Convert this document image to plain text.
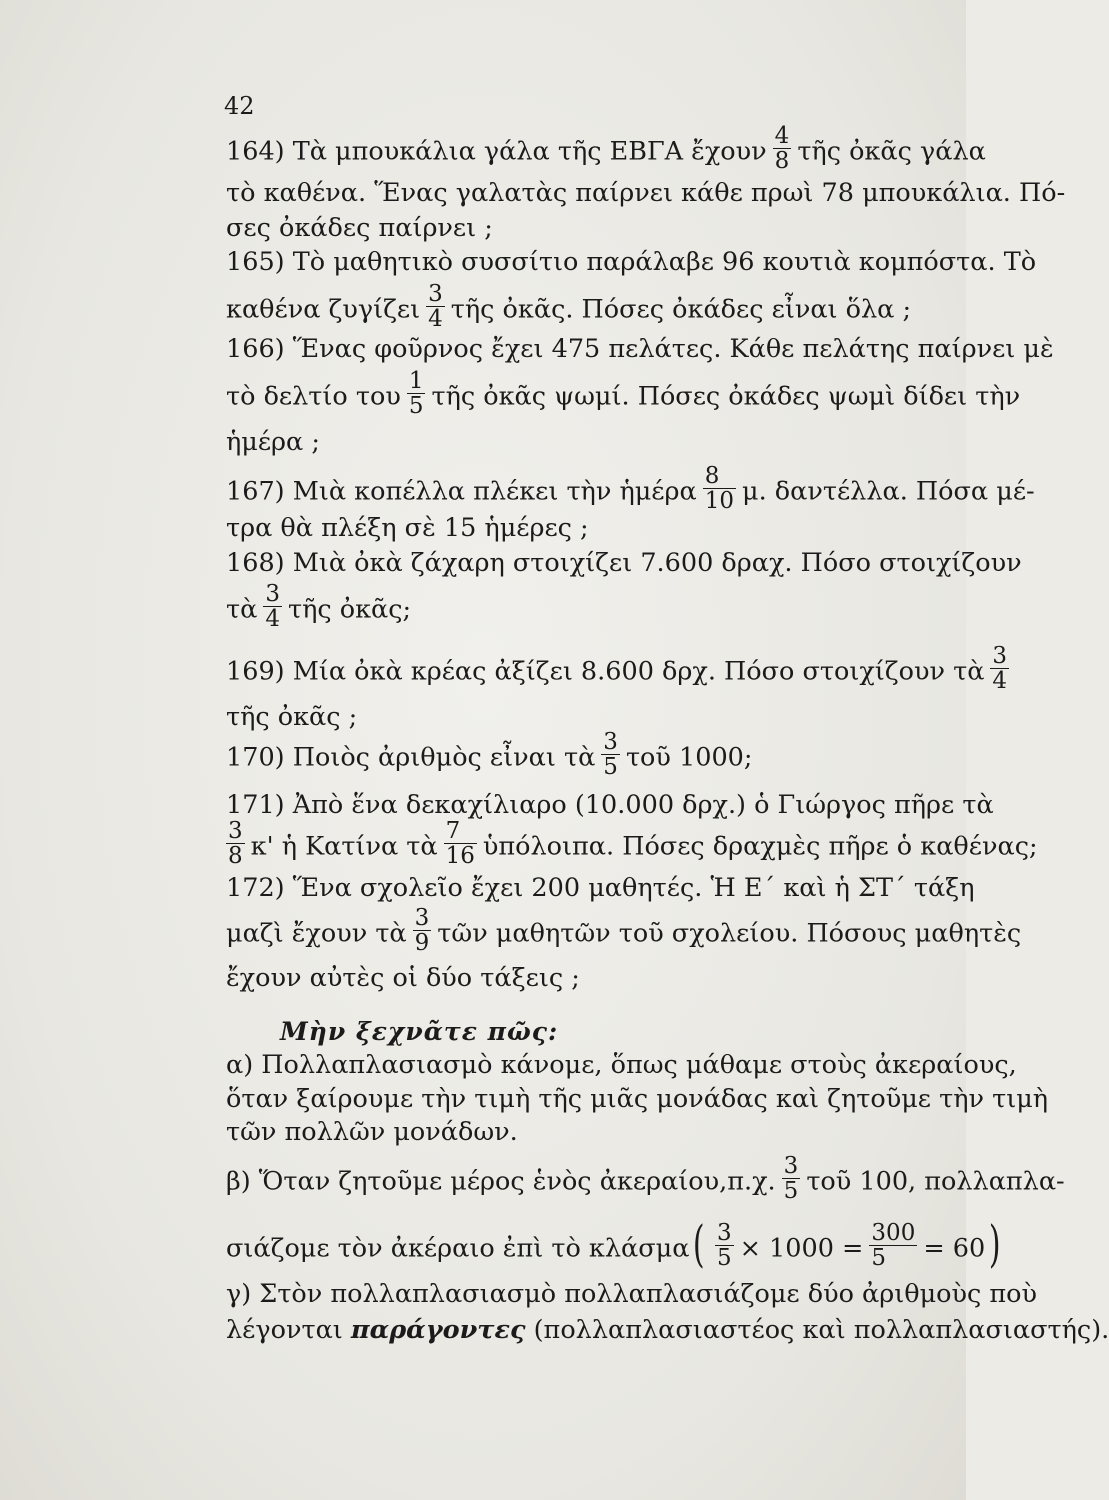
42
164) Τὰ μπουκάλια γάλα τῆς ΕΒΓΑ ἔχουν $\frac{4}{8}$ τῆς ὀκᾶς γάλα
τὸ καθένα. Ἕνας γαλατὰς παίρνει κάθε πρωὶ 78 μπουκάλια. Πό-
σες ὀκάδες παίρνει ;
165) Τὸ μαθητικὸ συσσίτιο παράλαβε 96 κουτιὰ κομπόστα. Τὸ
καθένα ζυγίζει $\frac{3}{4}$ τῆς ὀκᾶς. Πόσες ὀκάδες εἶναι ὅλα ;
166) Ἕνας φοῦρνος ἔχει 475 πελάτες. Κάθε πελάτης παίρνει μὲ
τὸ δελτίο του $\frac{1}{5}$ τῆς ὀκᾶς ψωμί. Πόσες ὀκάδες ψωμὶ δίδει τὴν
ἡμέρα ;
167) Μιὰ κοπέλλα πλέκει τὴν ἡμέρα $\frac{8}{10} \mu$. δαντέλλα. Πόσα μέ-
τρα θὰ πλέξη σὲ 15 ἡμέρες ;
168) Μιὰ ὀκὰ ζάχαρη στοιχίζει 7.600 δραχ. Πόσο στοιχίζουν
τὰ $\frac{3}{4}$ τῆς ὀκᾶς;
169) Μία ὀκὰ κρέας ἀξίζει 8.600 δρχ. Πόσο στοιχίζουν τὰ $\frac{3}{4}$
τῆς ὀκᾶς ;
170) Ποιὸς ἀριθμὸς εἶναι τὰ $\frac{3}{5}$ τοῦ 1000;
171) Ἀπὸ ἕνα δεκαχίλιαρο (10.000 δρχ.) ὁ Γιώργος πῆρε τὰ
$\frac{3}{8} \kappa'$ ἡ Κατίνα τὰ $\frac{7}{16}$ ὑπόλοιπα. Πόσες δραχμὲς πῆρε ὁ καθένας;
172) Ἕνα σχολεῖο ἔχει 200 μαθητές. Ἡ Ε΄ καὶ ἡ ΣΤ΄ τάξη
μαζὶ ἔχουν τὰ $\frac{3}{9}$ τῶν μαθητῶν τοῦ σχολείου. Πόσους μαθητὲς
ἔχουν αὐτὲς οἱ δύο τάξεις ;
Μὴν ξεχνᾶτε πῶς:
α) Πολλαπλασιασμὸ κάνομε, ὅπως μάθαμε στοὺς ἀκεραίους,
ὅταν ξαίρουμε τὴν τιμὴ τῆς μιᾶς μονάδας καὶ ζητοῦμε τὴν τιμὴ
τῶν πολλῶν μονάδων.
β) Ὅταν ζητοῦμε μέρος ἑνὸς ἀκεραίου,π.χ. $\frac{3}{5}$ τοῦ 100, πολλαπλα-
σιάζομε τὸν ἀκέραιο ἐπὶ τὸ $\kappa\lambda ά\sigma\mu\alpha( \frac{3}{5} \times 1000 = \frac{300}{5} = 60)$
γ) Στὸν πολλαπλασιασμὸ πολλαπλασιάζομε δύο ἀριθμοὺς ποὺ
λέγονται παράγοντες (πολλαπλασιαστέος καὶ πολλαπλασιαστής).
